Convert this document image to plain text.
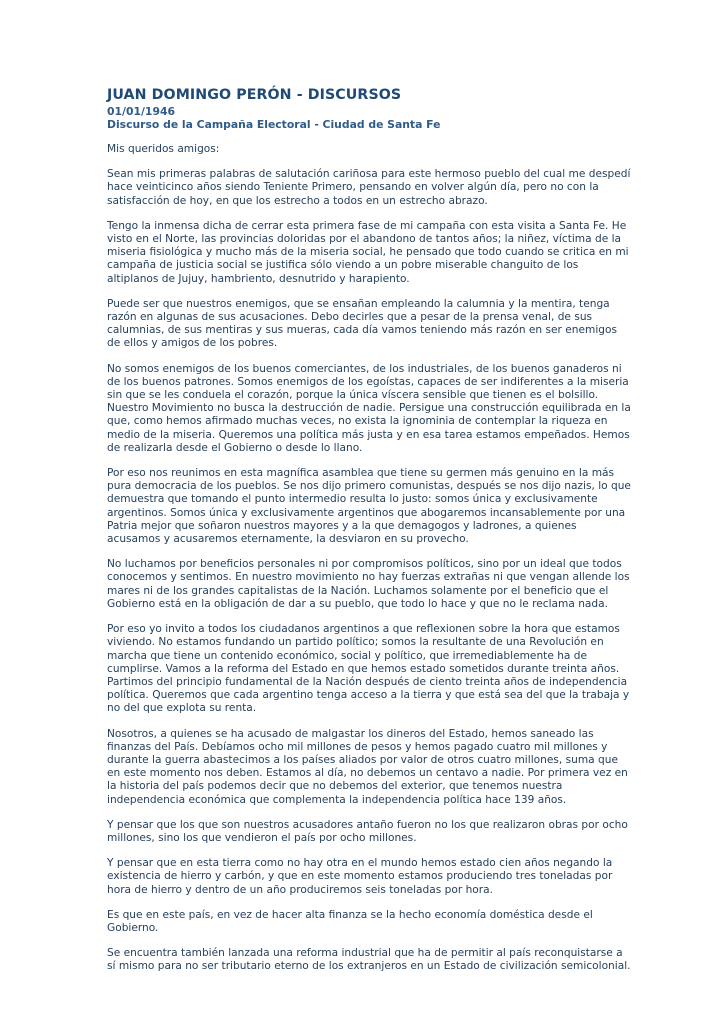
JUAN DOMINGO PERÓN - DISCURSOS
01/01/1946
Discurso de la Campaña Electoral - Ciudad de Santa Fe

Mis queridos amigos:

Sean mis primeras palabras de salutación cariñosa para este hermoso pueblo del cual me despedí hace veinticinco años siendo Teniente Primero, pensando en volver algún día, pero no con la satisfacción de hoy, en que los estrecho a todos en un estrecho abrazo.

Tengo la inmensa dicha de cerrar esta primera fase de mi campaña con esta visita a Santa Fe. He visto en el Norte, las provincias doloridas por el abandono de tantos años; la niñez, víctima de la miseria fisiológica y mucho más de la miseria social, he pensado que todo cuando se critica en mi campaña de justicia social se justifica sólo viendo a un pobre miserable changuito de los altiplanos de Jujuy, hambriento, desnutrido y harapiento.

Puede ser que nuestros enemigos, que se ensañan empleando la calumnia y la mentira, tenga razón en algunas de sus acusaciones. Debo decirles que a pesar de la prensa venal, de sus calumnias, de sus mentiras y sus mueras, cada día vamos teniendo más razón en ser enemigos de ellos y amigos de los pobres.

No somos enemigos de los buenos comerciantes, de los industriales, de los buenos ganaderos ni de los buenos patrones. Somos enemigos de los egoístas, capaces de ser indiferentes a la miseria sin que se les conduela el corazón, porque la única víscera sensible que tienen es el bolsillo. Nuestro Movimiento no busca la destrucción de nadie. Persigue una construcción equilibrada en la que, como hemos afirmado muchas veces, no exista la ignominia de contemplar la riqueza en medio de la miseria. Queremos una política más justa y en esa tarea estamos empeñados. Hemos de realizarla desde el Gobierno o desde lo llano.

Por eso nos reunimos en esta magnífica asamblea que tiene su germen más genuino en la más pura democracia de los pueblos. Se nos dijo primero comunistas, después se nos dijo nazis, lo que demuestra que tomando el punto intermedio resulta lo justo: somos única y exclusivamente argentinos. Somos única y exclusivamente argentinos que abogaremos incansablemente por una Patria mejor que soñaron nuestros mayores y a la que demagogos y ladrones, a quienes acusamos y acusaremos eternamente, la desviaron en su provecho.

No luchamos por beneficios personales ni por compromisos políticos, sino por un ideal que todos conocemos y sentimos. En nuestro movimiento no hay fuerzas extrañas ni que vengan allende los mares ni de los grandes capitalistas de la Nación. Luchamos solamente por el beneficio que el Gobierno está en la obligación de dar a su pueblo, que todo lo hace y que no le reclama nada.

Por eso yo invito a todos los ciudadanos argentinos a que reflexionen sobre la hora que estamos viviendo. No estamos fundando un partido político; somos la resultante de una Revolución en marcha que tiene un contenido económico, social y político, que irremediablemente ha de cumplirse. Vamos a la reforma del Estado en que hemos estado sometidos durante treinta años. Partimos del principio fundamental de la Nación después de ciento treinta años de independencia política. Queremos que cada argentino tenga acceso a la tierra y que está sea del que la trabaja y no del que explota su renta.

Nosotros, a quienes se ha acusado de malgastar los dineros del Estado, hemos saneado las finanzas del País. Debíamos ocho mil millones de pesos y hemos pagado cuatro mil millones y durante la guerra abastecimos a los países aliados por valor de otros cuatro millones, suma que en este momento nos deben. Estamos al día, no debemos un centavo a nadie. Por primera vez en la historia del país podemos decir que no debemos del exterior, que tenemos nuestra independencia económica que complementa la independencia política hace 139 años.

Y pensar que los que son nuestros acusadores antaño fueron no los que realizaron obras por ocho millones, sino los que vendieron el país por ocho millones.

Y pensar que en esta tierra como no hay otra en el mundo hemos estado cien años negando la existencia de hierro y carbón, y que en este momento estamos produciendo tres toneladas por hora de hierro y dentro de un año produciremos seis toneladas por hora.

Es que en este país, en vez de hacer alta finanza se la hecho economía doméstica desde el Gobierno.

Se encuentra también lanzada una reforma industrial que ha de permitir al país reconquistarse a sí mismo para no ser tributario eterno de los extranjeros en un Estado de civilización semicolonial.
